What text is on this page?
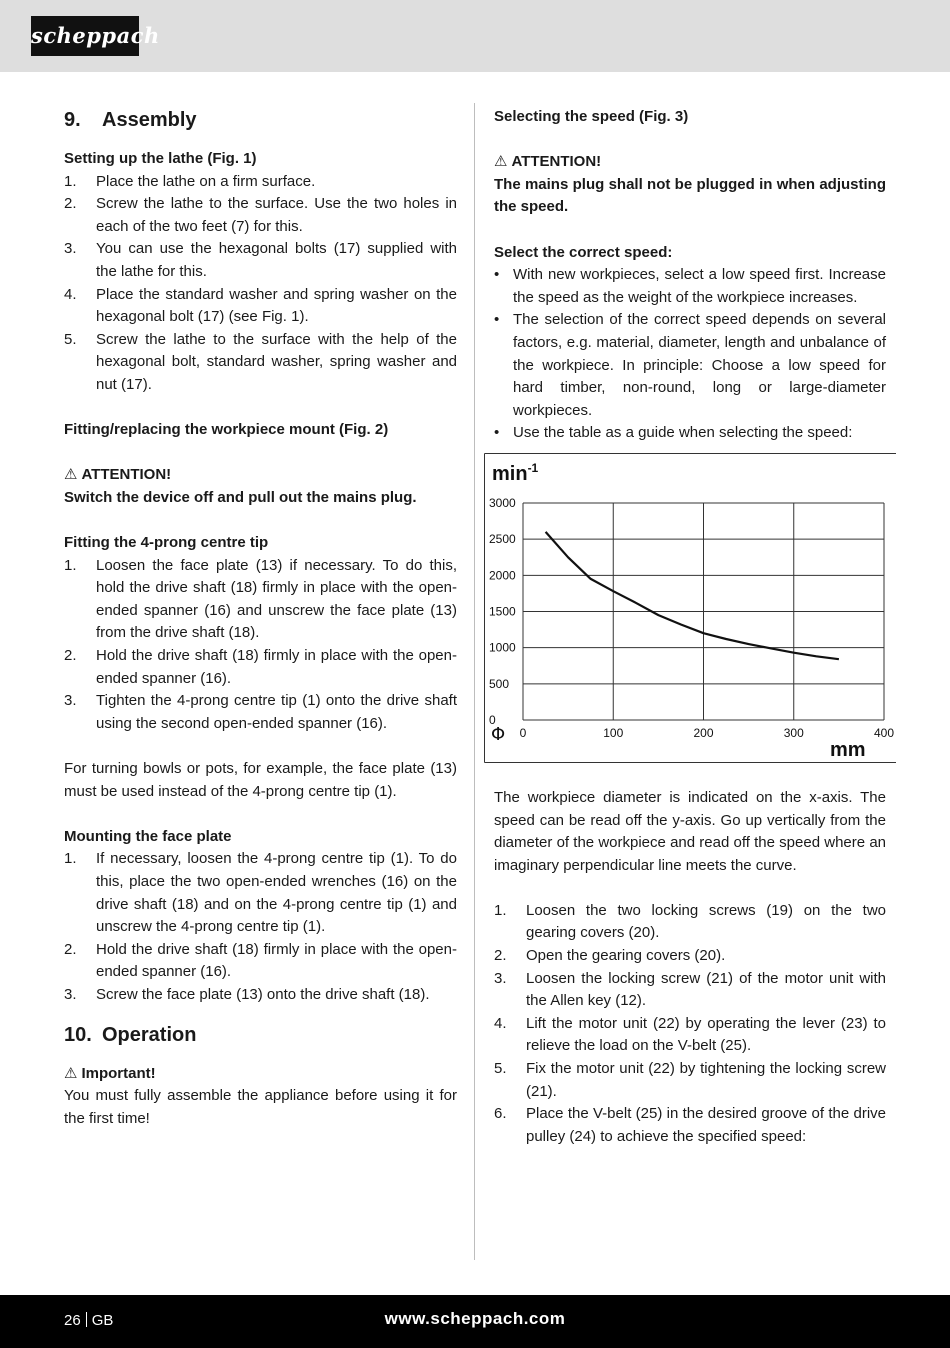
scheppach
9. Assembly

Setting up the lathe (Fig. 1)

1. Place the lathe on a firm surface.
2. Screw the lathe to the surface. Use the two holes in each of the two feet (7) for this.
3. You can use the hexagonal bolts (17) supplied with the lathe for this.
4. Place the standard washer and spring washer on the hexagonal bolt (17) (see Fig. 1).
5. Screw the lathe to the surface with the help of the hexagonal bolt, standard washer, spring washer and nut (17).

Fitting/replacing the workpiece mount (Fig. 2)

⚠ ATTENTION!

Switch the device off and pull out the mains plug.

Fitting the 4-prong centre tip

1. Loosen the face plate (13) if necessary. To do this, hold the drive shaft (18) firmly in place with the open-ended spanner (16) and unscrew the face plate (13) from the drive shaft (18).
2. Hold the drive shaft (18) firmly in place with the open-ended spanner (16).
3. Tighten the 4-prong centre tip (1) onto the drive shaft using the second open-ended spanner (16).

For turning bowls or pots, for example, the face plate (13) must be used instead of the 4-prong centre tip (1).

Mounting the face plate

1. If necessary, loosen the 4-prong centre tip (1). To do this, place the two open-ended wrenches (16) on the drive shaft (18) and on the 4-prong centre tip (1) and unscrew the 4-prong centre tip (1).
2. Hold the drive shaft (18) firmly in place with the open-ended spanner (16).
3. Screw the face plate (13) onto the drive shaft (18).
10. Operation

⚠ Important!

You must fully assemble the appliance before using it for the first time!

Selecting the speed (Fig. 3)

⚠ ATTENTION!

The mains plug shall not be plugged in when adjusting the speed.

Select the correct speed:

• With new workpieces, select a low speed first. Increase the speed as the weight of the workpiece increases.
• The selection of the correct speed depends on several factors, e.g. material, diameter, length and unbalance of the workpiece. In principle: Choose a low speed for hard timber, non-round, long or large-diameter workpieces.
• Use the table as a guide when selecting the speed:
0
500
1000
1500
2000
2500
3000
0	100	200	300	400
$\min^{-1}$
Φ
mm

The workpiece diameter is indicated on the x-axis. The speed can be read off the y-axis. Go up vertically from the diameter of the workpiece and read off the speed where an imaginary perpendicular line meets the curve.

1. Loosen the two locking screws (19) on the two gearing covers (20).
2. Open the gearing covers (20).
3. Loosen the locking screw (21) of the motor unit with the Allen key (12).
4. Lift the motor unit (22) by operating the lever (23) to relieve the load on the V-belt (25).
5. Fix the motor unit (22) by tightening the locking screw (21).
6. Place the V-belt (25) in the desired groove of the drive pulley (24) to achieve the specified speed:
26 GB	www.scheppach.com
